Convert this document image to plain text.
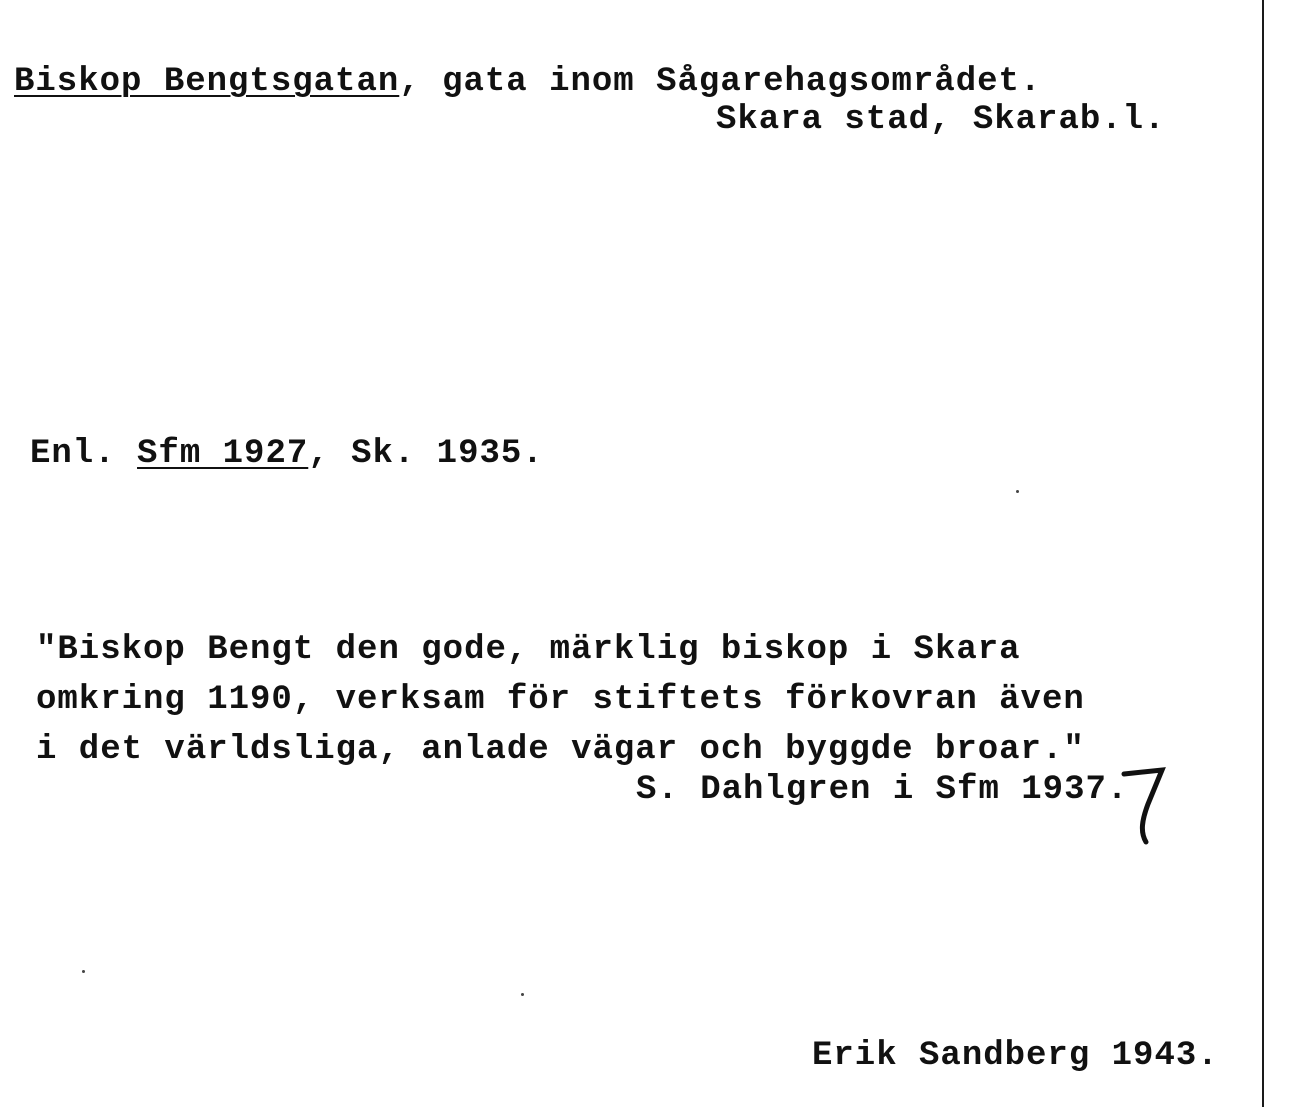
Biskop Bengtsgatan, gata inom Sågarehagsområdet.
Skara stad, Skarab.l.
Enl. Sfm 1927, Sk. 1935.
"Biskop Bengt den gode, märklig biskop i Skara
omkring 1190, verksam för stiftets förkovran även
i det världsliga, anlade vägar och byggde broar."
S. Dahlgren i Sfm 1937.
Erik Sandberg 1943.
